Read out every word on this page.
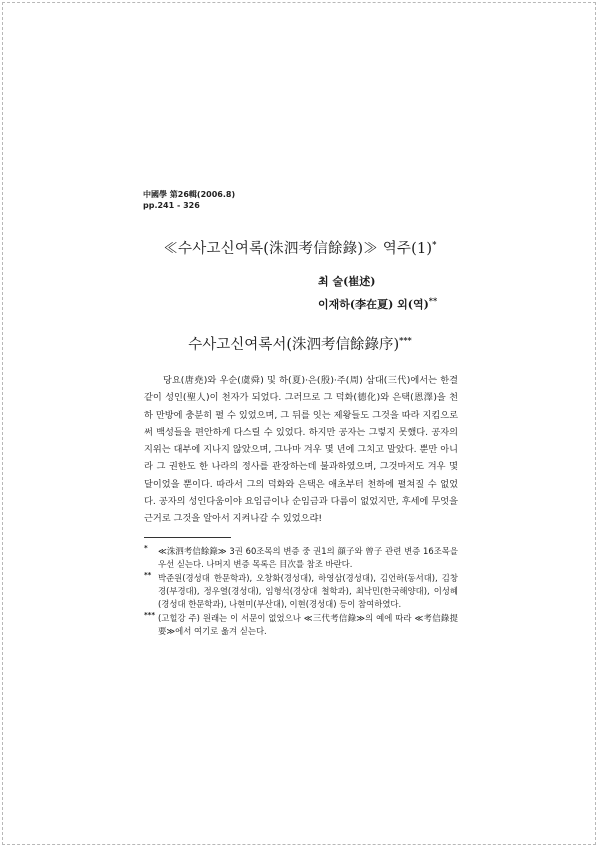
中國學 第26輯(2006.8)
pp.241 - 326
≪수사고신여록(洙泗考信餘錄)≫ 역주(1)*
최 술(崔述)
이재하(李在夏) 외(역)**
수사고신여록서(洙泗考信餘錄序)***

당요(唐堯)와 우순(虞舜) 및 하(夏)·은(殷)·주(周) 삼대(三代)에서는 한결같이 성인(聖人)이 천자가 되었다. 그러므로 그 덕화(德化)와 은택(恩澤)을 천하 만방에 충분히 펼 수 있었으며, 그 뒤를 잇는 제왕들도 그것을 따라 지킴으로써 백성들을 편안하게 다스릴 수 있었다. 하지만 공자는 그렇지 못했다. 공자의 지위는 대부에 지나지 않았으며, 그나마 겨우 몇 년에 그치고 말았다. 뿐만 아니라 그 권한도 한 나라의 정사를 관장하는데 불과하였으며, 그것마저도 겨우 몇 달이었을 뿐이다. 따라서 그의 덕화와 은택은 애초부터 천하에 펼쳐질 수 없었다. 공자의 성인다움이야 요임금이나 순임금과 다름이 없었지만, 후세에 무엇을 근거로 그것을 알아서 지켜나갈 수 있었으랴!

* ≪洙泗考信餘錄≫ 3권 60조목의 변증 중 권1의 顔子와 曾子 관련 변증 16조목을 우선 싣는다. 나머지 변증 목록은 目次를 참조 바란다.
** 박준원(경성대 한문학과), 오창화(경성대), 하영삼(경성대), 김언하(동서대), 김창경(부경대), 정우열(경성대), 임형석(경상대 철학과), 최낙민(한국해양대), 이성혜(경성대 한문학과), 나현미(부산대), 이현(경성대) 등이 참여하였다.
*** (고힐강 주) 원래는 이 서문이 없었으나 ≪三代考信錄≫의 예에 따라 ≪考信錄提要≫에서 여기로 옮겨 싣는다.
